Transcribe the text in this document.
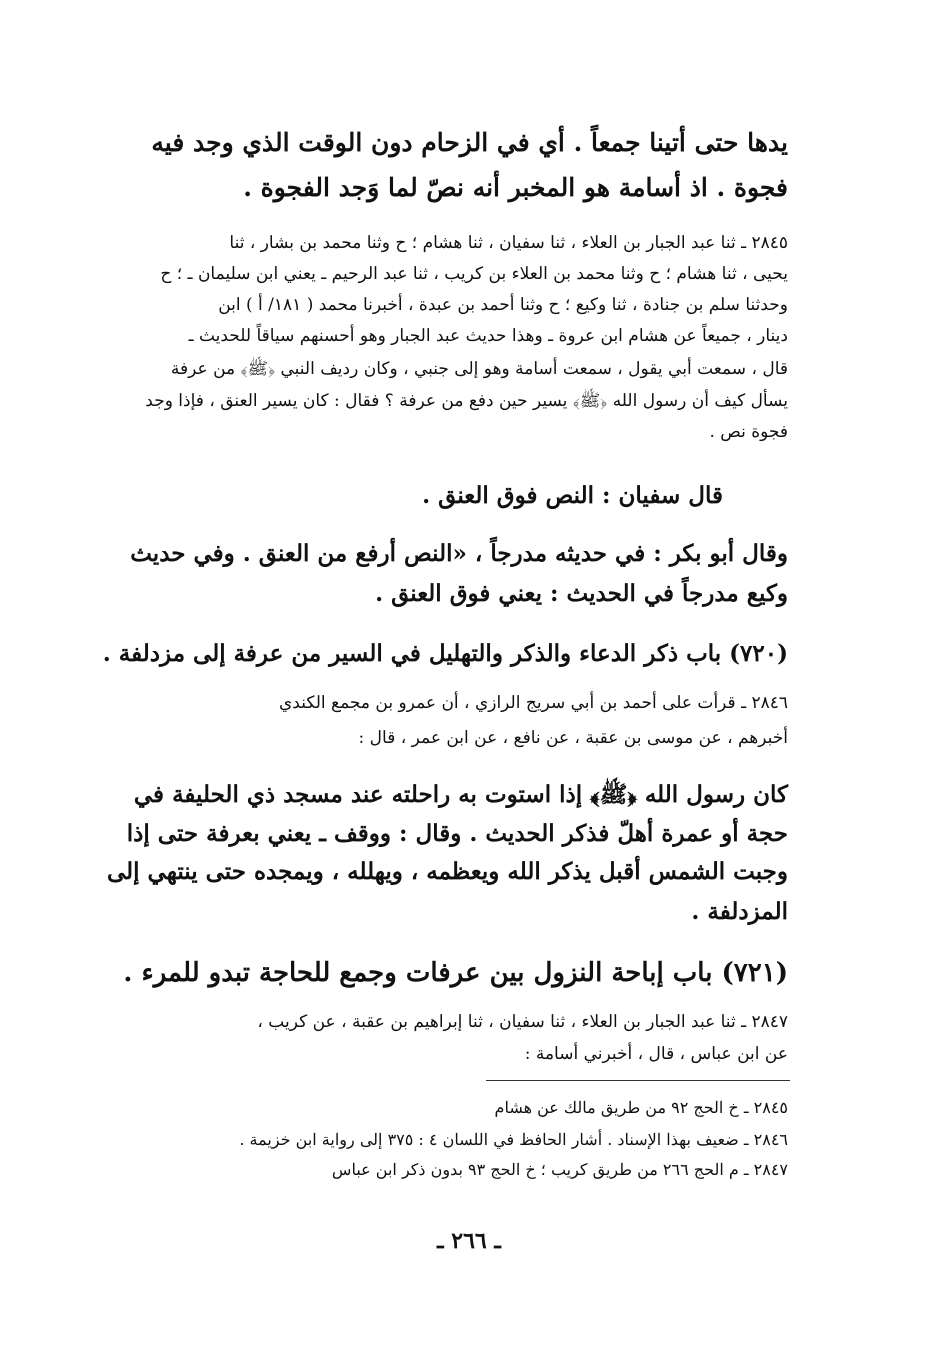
يدها حتى أتينا جمعاً . أي في الزحام دون الوقت الذي وجد فيه
فجوة . اذ أسامة هو المخبر أنه نصّ لما وَجد الفجوة .
٢٨٤٥ ـ ثنا عبد الجبار بن العلاء ، ثنا سفيان ، ثنا هشام ؛ ح وثنا محمد بن بشار ، ثنا
يحيى ، ثنا هشام ؛ ح وثنا محمد بن العلاء بن كريب ، ثنا عبد الرحيم ـ يعني ابن سليمان ـ ؛ ح
وحدثنا سلم بن جنادة ، ثنا وكيع ؛ ح وثنا أحمد بن عبدة ، أخبرنا محمد ( ١٨١/ أ ) ابن
دينار ، جميعاً عن هشام ابن عروة ـ وهذا حديث عبد الجبار وهو أحسنهم سياقاً للحديث ـ
قال ، سمعت أبي يقول ، سمعت أسامة وهو إلى جنبي ، وكان رديف النبي ﴿ﷺ﴾ من عرفة
يسأل كيف أن رسول الله ﴿ﷺ﴾ يسير حين دفع من عرفة ؟ فقال : كان يسير العنق ، فإذا وجد
فجوة نص .
قال سفيان : النص فوق العنق .
وقال أبو بكر : في حديثه مدرجاً ، «النص أرفع من العنق . وفي حديث
وكيع مدرجاً في الحديث : يعني فوق العنق .
(٧٢٠) باب ذكر الدعاء والذكر والتهليل في السير من عرفة إلى مزدلفة .
٢٨٤٦ ـ قرأت على أحمد بن أبي سريج الرازي ، أن عمرو بن مجمع الكندي
أخبرهم ، عن موسى بن عقبة ، عن نافع ، عن ابن عمر ، قال :
كان رسول الله ﴿ﷺ﴾ إذا استوت به راحلته عند مسجد ذي الحليفة في
حجة أو عمرة أهلّ فذكر الحديث . وقال : ووقف ـ يعني بعرفة حتى إذا
وجبت الشمس أقبل يذكر الله ويعظمه ، ويهلله ، ويمجده حتى ينتهي إلى
المزدلفة .
(٧٢١) باب إباحة النزول بين عرفات وجمع للحاجة تبدو للمرء .
٢٨٤٧ ـ ثنا عبد الجبار بن العلاء ، ثنا سفيان ، ثنا إبراهيم بن عقبة ، عن كريب ،
عن ابن عباس ، قال ، أخبرني أسامة :
٢٨٤٥ ـ خ الحج ٩٢ من طريق مالك عن هشام
٢٨٤٦ ـ ضعيف بهذا الإسناد . أشار الحافظ في اللسان ٤ : ٣٧٥ إلى رواية ابن خزيمة .
٢٨٤٧ ـ م الحج ٢٦٦ من طريق كريب ؛ خ الحج ٩٣ بدون ذكر ابن عباس
ـ ٢٦٦ ـ
